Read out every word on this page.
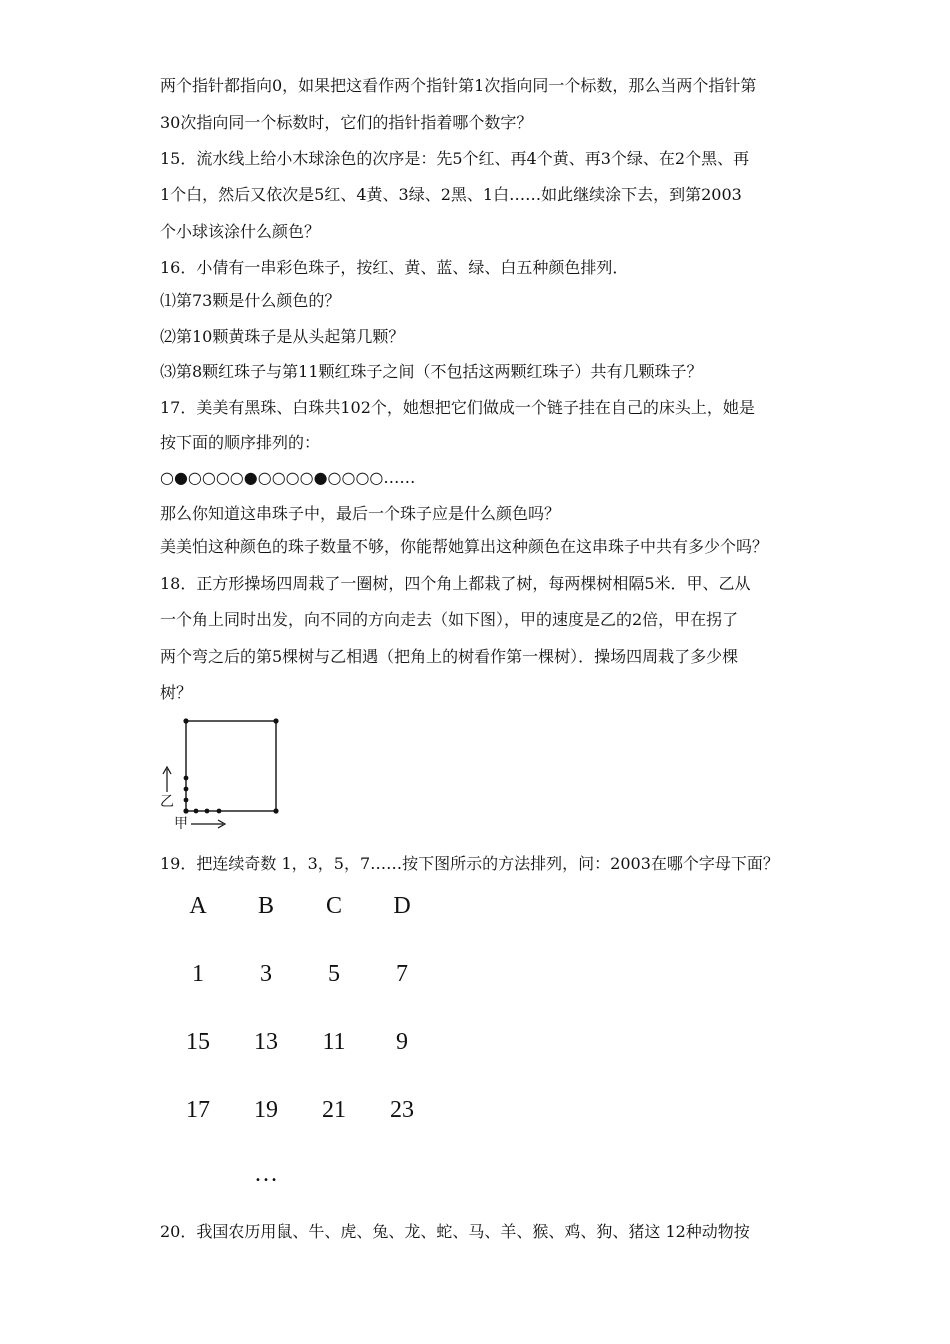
两个指针都指向0，如果把这看作两个指针第1次指向同一个标数，那么当两个指针第
30次指向同一个标数时，它们的指针指着哪个数字？
15．流水线上给小木球涂色的次序是：先5个红、再4个黄、再3个绿、在2个黑、再
1个白，然后又依次是5红、4黄、3绿、2黑、1白……如此继续涂下去，到第2003
个小球该涂什么颜色？
16．小倩有一串彩色珠子，按红、黄、蓝、绿、白五种颜色排列．
⑴第73颗是什么颜色的？
⑵第10颗黄珠子是从头起第几颗？
⑶第8颗红珠子与第11颗红珠子之间（不包括这两颗红珠子）共有几颗珠子？
17．美美有黑珠、白珠共102个，她想把它们做成一个链子挂在自己的床头上，她是
按下面的顺序排列的：
○●○○○○●○○○○●○○○○……
那么你知道这串珠子中，最后一个珠子应是什么颜色吗？
美美怕这种颜色的珠子数量不够，你能帮她算出这种颜色在这串珠子中共有多少个吗？
18．正方形操场四周栽了一圈树，四个角上都栽了树，每两棵树相隔5米．甲、乙从
一个角上同时出发，向不同的方向走去（如下图），甲的速度是乙的2倍，甲在拐了
两个弯之后的第5棵树与乙相遇（把角上的树看作第一棵树）．操场四周栽了多少棵
树？
乙
甲
19．把连续奇数 1，3，5，7……按下图所示的方法排列，问：2003在哪个字母下面？
A	B	C	D
1	3	5	7
15	13	11	9
17	19	21	23
…
20．我国农历用鼠、牛、虎、兔、龙、蛇、马、羊、猴、鸡、狗、猪这 12种动物按
